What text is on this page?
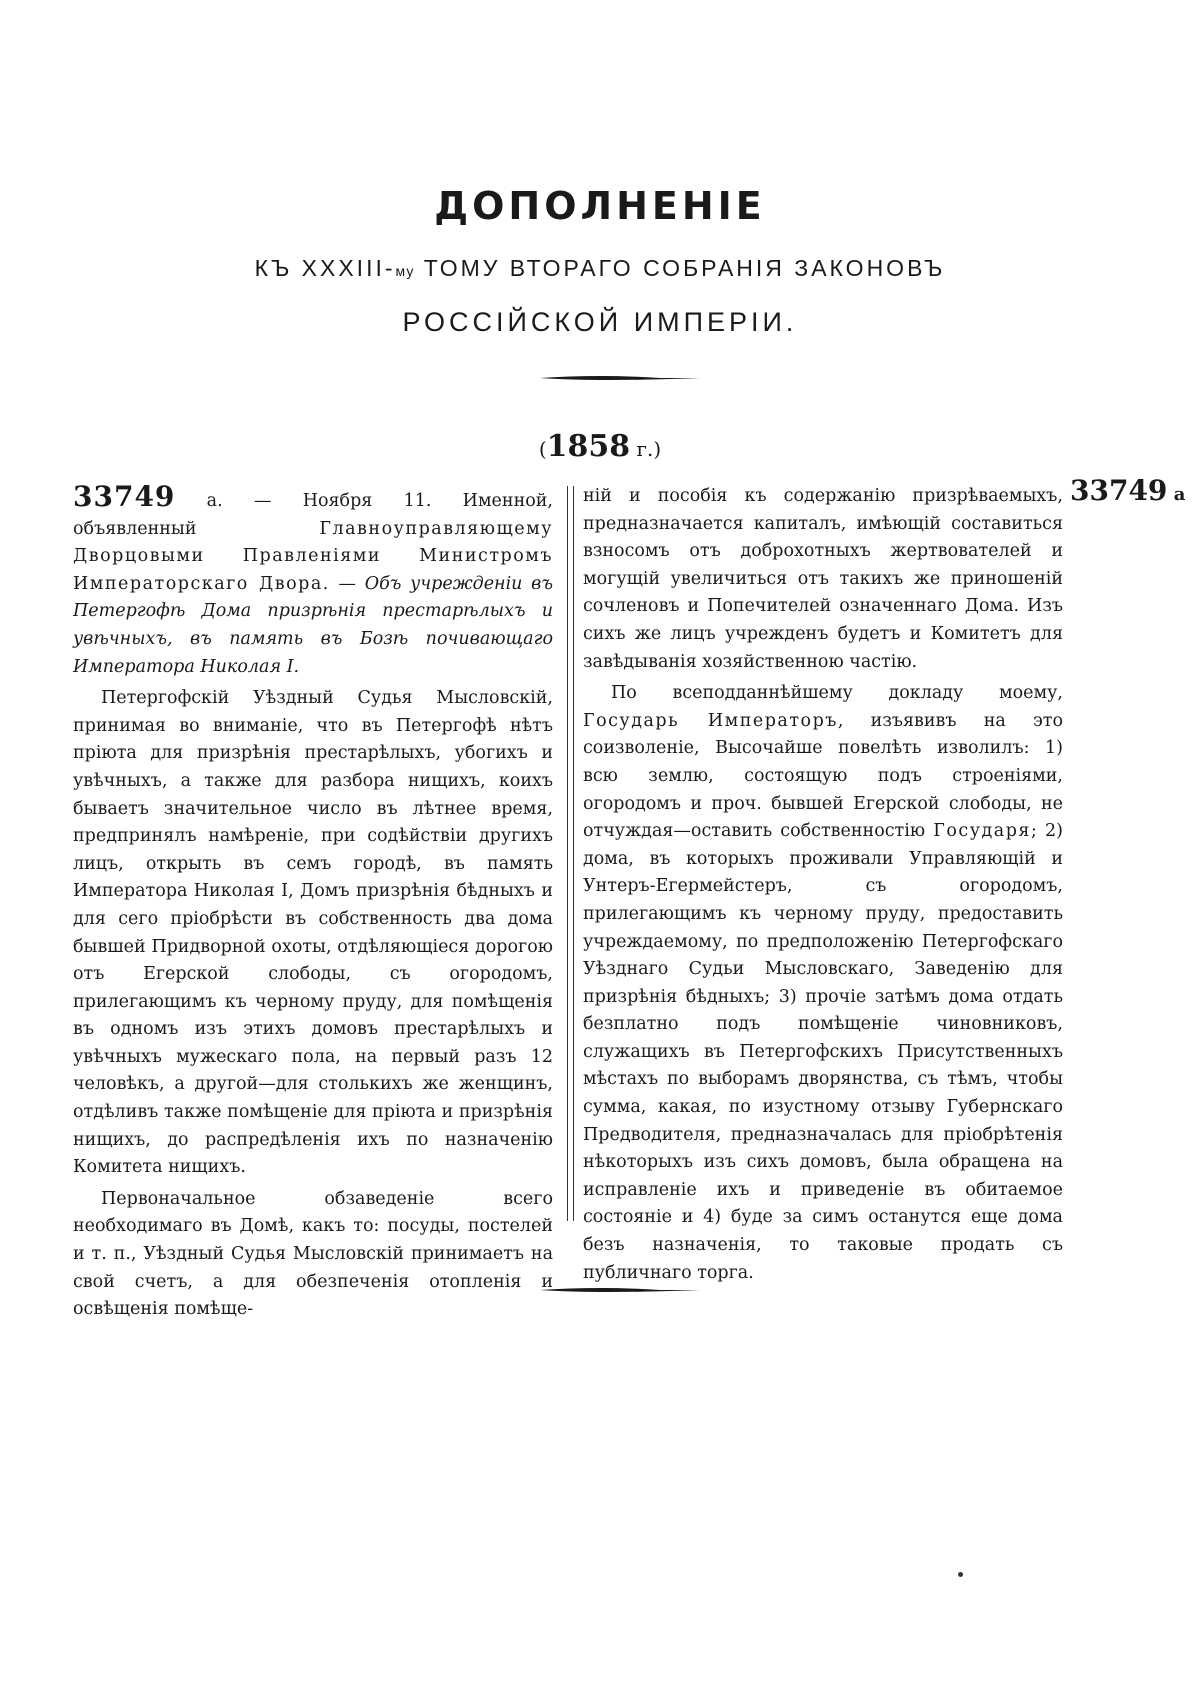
ДОПОЛНЕНІЕ
КЪ XXXIII-му ТОМУ ВТОРАГО СОБРАНІЯ ЗАКОНОВЪ
РОССІЙСКОЙ ИМПЕРІИ.
(1858 г.)

33749 а. — Ноября 11. Именной, объявленный Главноуправляющему Дворцовыми Правленіями Министромъ Императорскаго Двора. — Объ учрежденіи въ Петергофѣ Дома призрѣнія престарѣлыхъ и увѣчныхъ, въ память въ Бозѣ почивающаго Императора Николая I.

Петергофскій Уѣздный Судья Мысловскій, принимая во вниманіе, что въ Петергофѣ нѣтъ пріюта для призрѣнія престарѣлыхъ, убогихъ и увѣчныхъ, а также для разбора нищихъ, коихъ бываетъ значительное число въ лѣтнее время, предпринялъ намѣреніе, при содѣйствіи другихъ лицъ, открыть въ семъ городѣ, въ память Императора Николая I, Домъ призрѣнія бѣдныхъ и для сего пріобрѣсти въ собственность два дома бывшей Придворной охоты, отдѣляющіеся дорогою отъ Егерской слободы, съ огородомъ, прилегающимъ къ черному пруду, для помѣщенія въ одномъ изъ этихъ домовъ престарѣлыхъ и увѣчныхъ мужескаго пола, на первый разъ 12 человѣкъ, а другой—для столькихъ же женщинъ, отдѣливъ также помѣщеніе для пріюта и призрѣнія нищихъ, до распредѣленія ихъ по назначенію Комитета нищихъ.

Первоначальное обзаведеніе всего необходимаго въ Домѣ, какъ то: посуды, постелей и т. п., Уѣздный Судья Мысловскій принимаетъ на свой счетъ, а для обезпеченія отопленія и освѣщенія помѣще-

ній и пособія къ содержанію призрѣваемыхъ, предназначается капиталъ, имѣющій составиться взносомъ отъ доброхотныхъ жертвователей и могущій увеличиться отъ такихъ же приношеній сочленовъ и Попечителей означеннаго Дома. Изъ сихъ же лицъ учрежденъ будетъ и Комитетъ для завѣдыванія хозяйственною частію.

По всеподданнѣйшему докладу моему, Государь Императоръ, изъявивъ на это соизволеніе, Высочайше повелѣть изволилъ: 1) всю землю, состоящую подъ строеніями, огородомъ и проч. бывшей Егерской слободы, не отчуждая—оставить собственностію Государя; 2) дома, въ которыхъ проживали Управляющій и Унтеръ-Егермейстеръ, съ огородомъ, прилегающимъ къ черному пруду, предоставить учреждаемому, по предположенію Петергофскаго Уѣзднаго Судьи Мысловскаго, Заведенію для призрѣнія бѣдныхъ; 3) прочіе затѣмъ дома отдать безплатно подъ помѣщеніе чиновниковъ, служащихъ въ Петергофскихъ Присутственныхъ мѣстахъ по выборамъ дворянства, съ тѣмъ, чтобы сумма, какая, по изустному отзыву Губернскаго Предводителя, предназначалась для пріобрѣтенія нѣкоторыхъ изъ сихъ домовъ, была обращена на исправленіе ихъ и приведеніе въ обитаемое состояніе и 4) буде за симъ останутся еще дома безъ назначенія, то таковые продать съ публичнаго торга.

33749 а
